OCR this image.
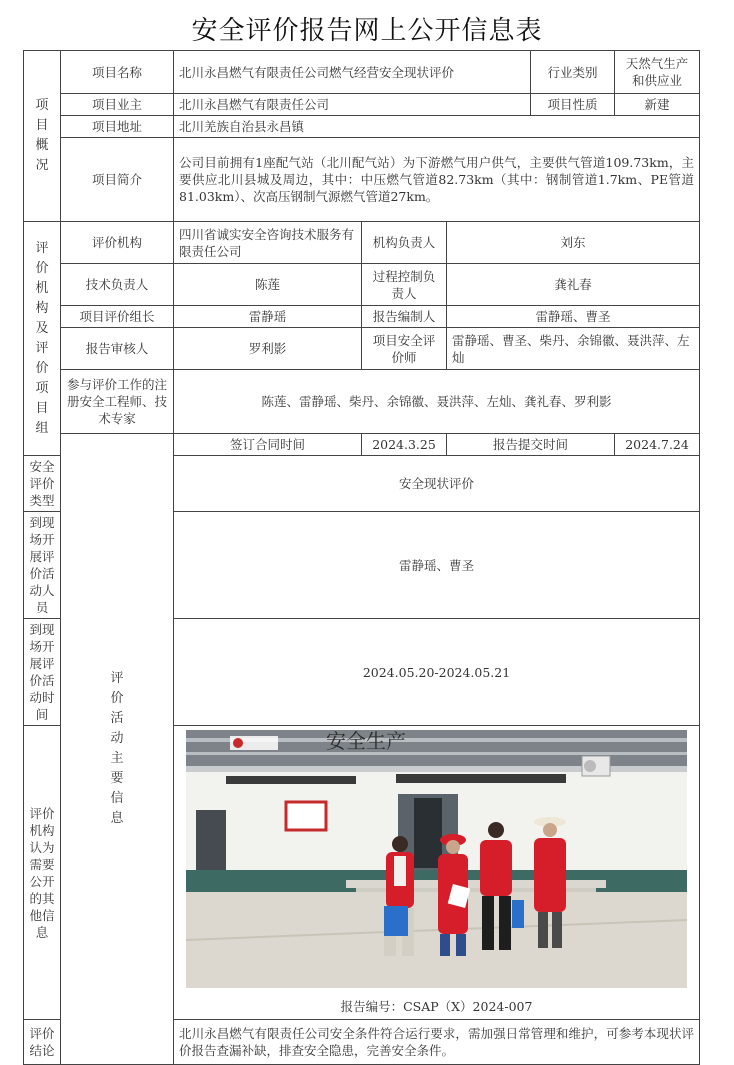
安全评价报告网上公开信息表
项目概况	项目名称	北川永昌燃气有限责任公司燃气经营安全现状评价			行业类别	天然气生产和供应业
	项目业主	北川永昌燃气有限责任公司			项目性质	新建
	项目地址	北川羌族自治县永昌镇				
	项目简介	公司目前拥有1座配气站（北川配气站）为下游燃气用户供气，主要供气管道109.73km，主要供应北川县城及周边，其中：中压燃气管道82.73km（其中：钢制管道1.7km、PE管道81.03km）、次高压钢制气源燃气管道27km。				

评价机构及评价项目组	评价机构	四川省诚实安全咨询技术服务有限责任公司	机构负责人	刘东		
	技术负责人	陈莲	过程控制负责人	龚礼春		
	项目评价组长	雷静瑶	报告编制人	雷静瑶、曹圣		
	报告审核人	罗利影	项目安全评价师	雷静瑶、曹圣、柴丹、余锦徽、聂洪萍、左灿		
	参与评价工作的注册安全工程师、技术专家	陈莲、雷静瑶、柴丹、余锦徽、聂洪萍、左灿、龚礼春、罗利影				

	评价活动主要信息	签订合同时间	2024.3.25	报告提交时间		2024.7.24
安全评价类型		安全现状评价				
到现场开展评价活动人员		雷静瑶、曹圣				
到现场开展评价活动时间		2024.05.20-2024.05.21				
评价机构认为需要公开的其他信息		安全生产
报告编号：CSAP（X）2024-007				

评价结论		北川永昌燃气有限责任公司安全条件符合运行要求，需加强日常管理和维护，可参考本现状评价报告查漏补缺，排查安全隐患，完善安全条件。				
